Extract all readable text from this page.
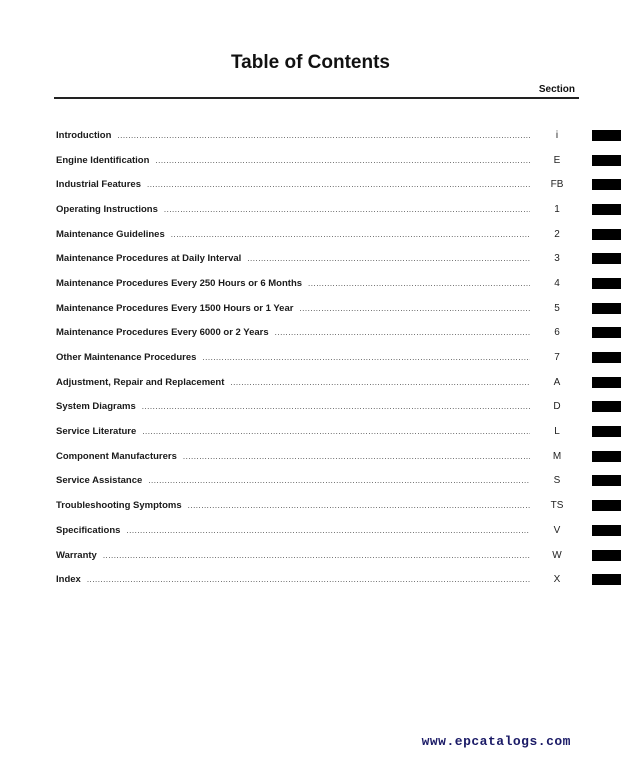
Table of Contents
Section
Introduction .....	i
Engine Identification .....	E
Industrial Features .....	FB
Operating Instructions .....	1
Maintenance Guidelines .....	2
Maintenance Procedures at Daily Interval .....	3
Maintenance Procedures Every 250 Hours or 6 Months .....	4
Maintenance Procedures Every 1500 Hours or 1 Year .....	5
Maintenance Procedures Every 6000 or 2 Years .....	6
Other Maintenance Procedures .....	7
Adjustment, Repair and Replacement .....	A
System Diagrams .....	D
Service Literature .....	L
Component Manufacturers .....	M
Service Assistance .....	S
Troubleshooting Symptoms .....	TS
Specifications .....	V
Warranty .....	W
Index .....	X
www.epcatalogs.com
